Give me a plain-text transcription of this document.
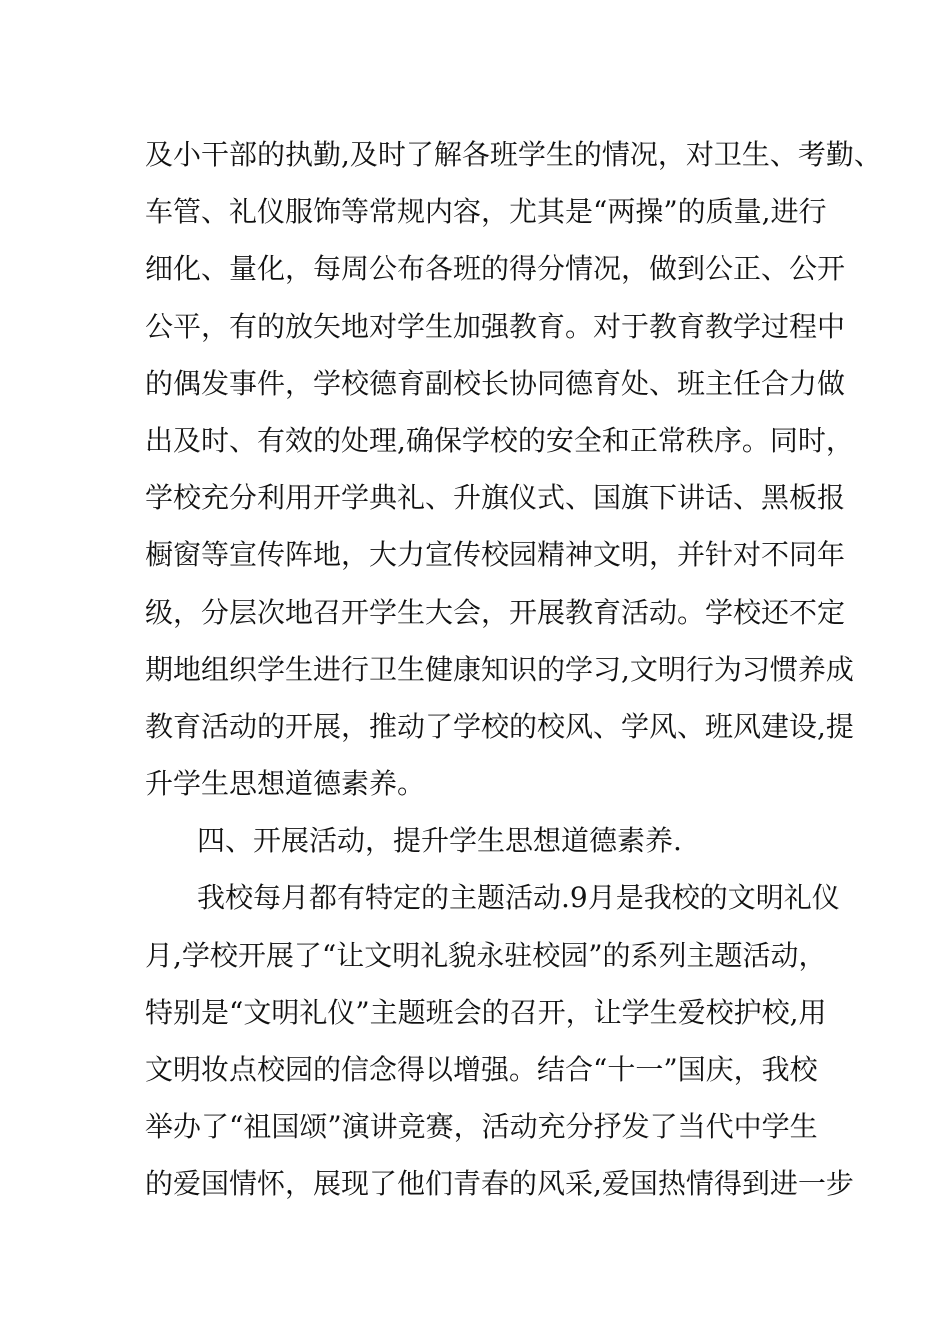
及小干部的执勤,及时了解各班学生的情况，对卫生、考勤、
车管、礼仪服饰等常规内容，尤其是“两操”的质量,进行
细化、量化，每周公布各班的得分情况，做到公正、公开
公平，有的放矢地对学生加强教育。对于教育教学过程中
的偶发事件，学校德育副校长协同德育处、班主任合力做
出及时、有效的处理,确保学校的安全和正常秩序。同时，
学校充分利用开学典礼、升旗仪式、国旗下讲话、黑板报
橱窗等宣传阵地，大力宣传校园精神文明，并针对不同年
级，分层次地召开学生大会，开展教育活动。学校还不定
期地组织学生进行卫生健康知识的学习,文明行为习惯养成
教育活动的开展，推动了学校的校风、学风、班风建设,提
升学生思想道德素养。
四、开展活动，提升学生思想道德素养.
我校每月都有特定的主题活动.9月是我校的文明礼仪
月,学校开展了“让文明礼貌永驻校园”的系列主题活动，
特别是“文明礼仪”主题班会的召开，让学生爱校护校,用
文明妆点校园的信念得以增强。结合“十一”国庆，我校
举办了“祖国颂”演讲竞赛，活动充分抒发了当代中学生
的爱国情怀，展现了他们青春的风采,爱国热情得到进一步
